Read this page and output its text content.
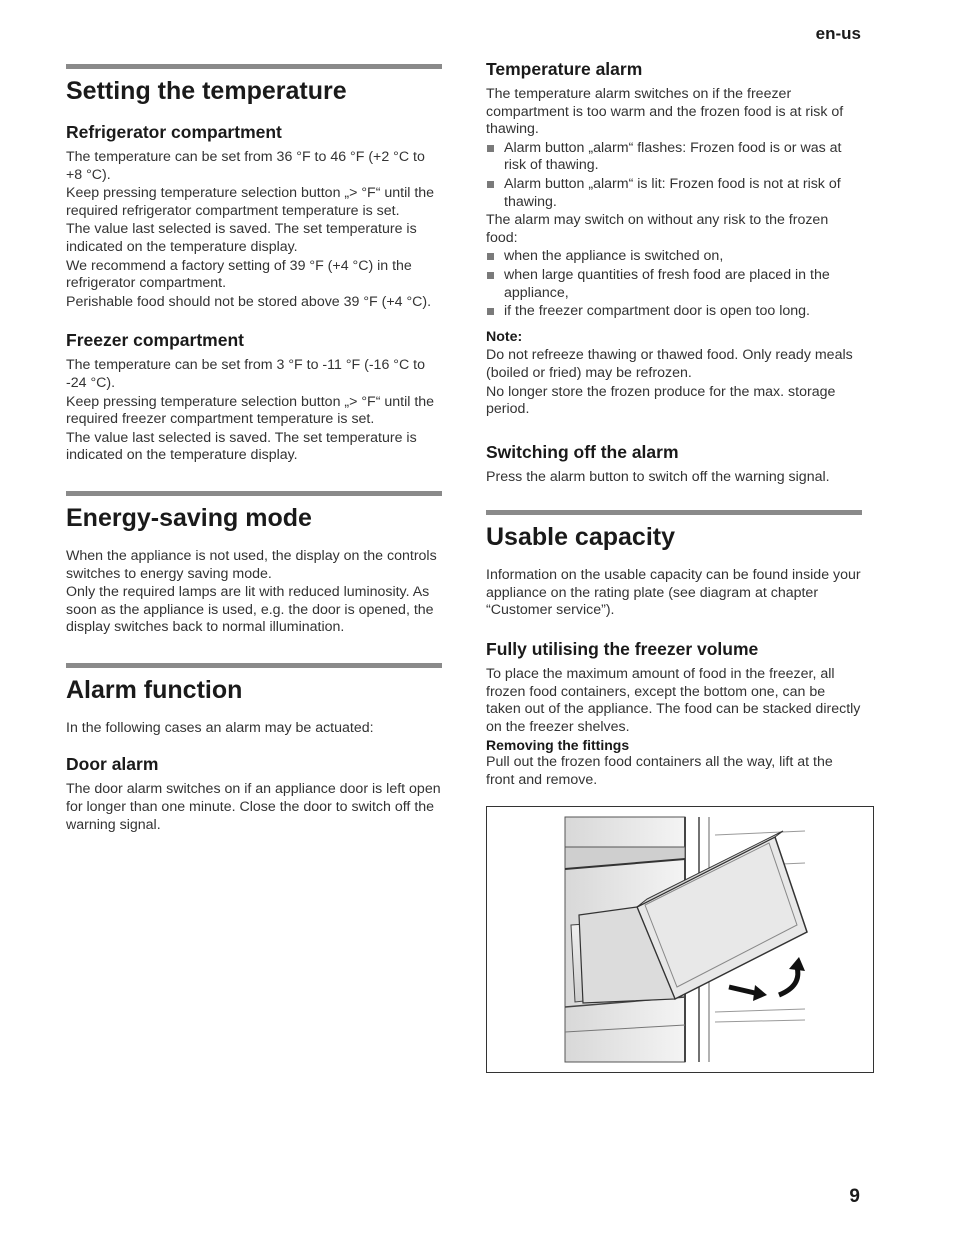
en-us
Setting the temperature
Refrigerator compartment

The temperature can be set from 36 °F to 46 °F (+2 °C to +8 °C).

Keep pressing temperature selection button „> °F“ until the required refrigerator compartment temperature is set.

The value last selected is saved. The set temperature is indicated on the temperature display.

We recommend a factory setting of 39 °F (+4 °C) in the refrigerator compartment.

Perishable food should not be stored above 39 °F (+4 °C).

Freezer compartment

The temperature can be set from 3 °F to -11 °F (-16 °C to -24 °C).

Keep pressing temperature selection button „> °F“ until the required freezer compartment temperature is set.

The value last selected is saved. The set temperature is indicated on the temperature display.

Energy-saving mode

When the appliance is not used, the display on the controls switches to energy saving mode.

Only the required lamps are lit with reduced luminosity. As soon as the appliance is used, e.g. the door is opened, the display switches back to normal illumination.

Alarm function

In the following cases an alarm may be actuated:

Door alarm

The door alarm switches on if an appliance door is left open for longer than one minute. Close the door to switch off the warning signal.

Temperature alarm

The temperature alarm switches on if the freezer compartment is too warm and the frozen food is at risk of thawing.

Alarm button „alarm“ flashes: Frozen food is or was at risk of thawing.
Alarm button „alarm“ is lit: Frozen food is not at risk of thawing.

The alarm may switch on without any risk to the frozen food:

when the appliance is switched on,
when large quantities of fresh food are placed in the appliance,
if the freezer compartment door is open too long.
Note:

Do not refreeze thawing or thawed food. Only ready meals (boiled or fried) may be refrozen.

No longer store the frozen produce for the max. storage period.

Switching off the alarm

Press the alarm button to switch off the warning signal.

Usable capacity

Information on the usable capacity can be found inside your appliance on the rating plate (see diagram at chapter “Customer service”).

Fully utilising the freezer volume

To place the maximum amount of food in the freezer, all frozen food containers, except the bottom one, can be taken out of the appliance. The food can be stacked directly on the freezer shelves.

Removing the fittings

Pull out the frozen food containers all the way, lift at the front and remove.

9
